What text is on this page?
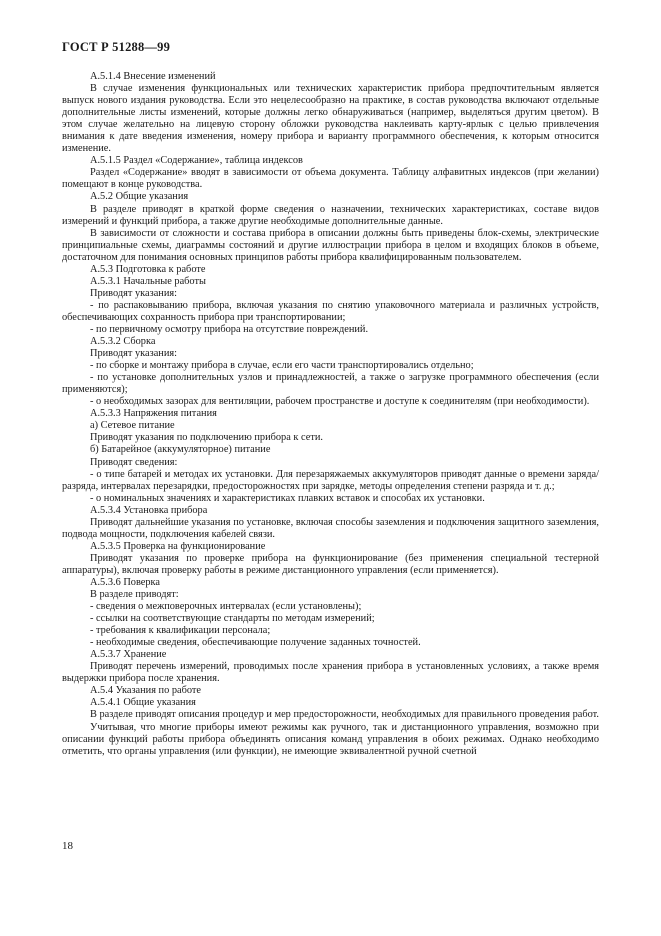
ГОСТ Р 51288—99

A.5.1.4 Внесение изменений

В случае изменения функциональных или технических характеристик прибора предпочтительным является выпуск нового издания руководства. Если это нецелесообразно на практике, в состав руководства включают отдельные дополнительные листы изменений, которые должны легко обнаруживаться (например, выделяться другим цветом). В этом случае желательно на лицевую сторону обложки руководства наклеивать карту-ярлык с целью привлечения внимания к дате введения изменения, номеру прибора и варианту программного обеспечения, к которым относится изменение.

A.5.1.5 Раздел «Содержание», таблица индексов

Раздел «Содержание» вводят в зависимости от объема документа. Таблицу алфавитных индексов (при желании) помещают в конце руководства.

A.5.2 Общие указания

В разделе приводят в краткой форме сведения о назначении, технических характеристиках, составе видов измерений и функций прибора, а также другие необходимые дополнительные данные.

В зависимости от сложности и состава прибора в описании должны быть приведены блок-схемы, электрические принципиальные схемы, диаграммы состояний и другие иллюстрации прибора в целом и входящих блоков в объеме, достаточном для понимания основных принципов работы прибора квалифицированным пользователем.

A.5.3 Подготовка к работе

A.5.3.1 Начальные работы

Приводят указания:

- по распаковыванию прибора, включая указания по снятию упаковочного материала и различных устройств, обеспечивающих сохранность прибора при транспортировании;

- по первичному осмотру прибора на отсутствие повреждений.

A.5.3.2 Сборка

Приводят указания:

- по сборке и монтажу прибора в случае, если его части транспортировались отдельно;

- по установке дополнительных узлов и принадлежностей, а также о загрузке программного обеспечения (если применяются);

- о необходимых зазорах для вентиляции, рабочем пространстве и доступе к соединителям (при необходимости).

A.5.3.3 Напряжения питания

а) Сетевое питание

Приводят указания по подключению прибора к сети.

б) Батарейное (аккумуляторное) питание

Приводят сведения:

- о типе батарей и методах их установки. Для перезаряжаемых аккумуляторов приводят данные о времени заряда/разряда, интервалах перезарядки, предосторожностях при зарядке, методы определения степени разряда и т. д.;

- о номинальных значениях и характеристиках плавких вставок и способах их установки.

A.5.3.4 Установка прибора

Приводят дальнейшие указания по установке, включая способы заземления и подключения защитного заземления, подвода мощности, подключения кабелей связи.

A.5.3.5 Проверка на функционирование

Приводят указания по проверке прибора на функционирование (без применения специальной тестерной аппаратуры), включая проверку работы в режиме дистанционного управления (если применяется).

A.5.3.6 Поверка

В разделе приводят:

- сведения о межповерочных интервалах (если установлены);

- ссылки на соответствующие стандарты по методам измерений;

- требования к квалификации персонала;

- необходимые сведения, обеспечивающие получение заданных точностей.

A.5.3.7 Хранение

Приводят перечень измерений, проводимых после хранения прибора в установленных условиях, а также время выдержки прибора после хранения.

A.5.4 Указания по работе

A.5.4.1 Общие указания

В разделе приводят описания процедур и мер предосторожности, необходимых для правильного проведения работ.

Учитывая, что многие приборы имеют режимы как ручного, так и дистанционного управления, возможно при описании функций работы прибора объединять описания команд управления в обоих режимах. Однако необходимо отметить, что органы управления (или функции), не имеющие эквивалентной ручной счетной

18
